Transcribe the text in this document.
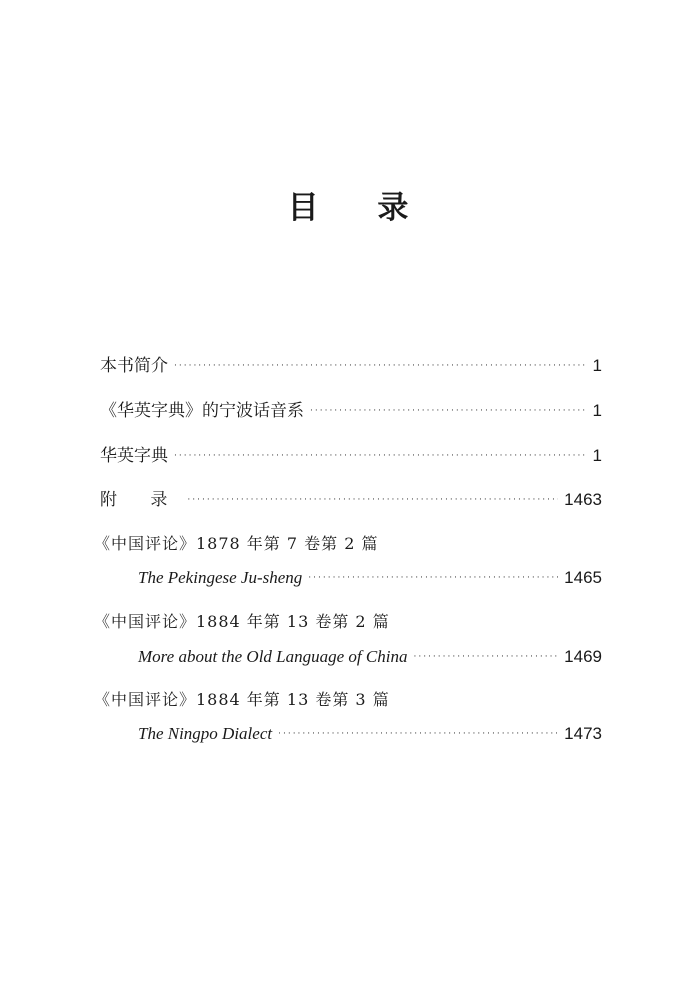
目 录
本书简介 ·····	1
《华英字典》的宁波话音系 ·····	1
华英字典 ·····	1
附 录 ·····	1463
《中国评论》1878 年第 7 卷第 2 篇
The Pekingese Ju-sheng ·····	1465
《中国评论》1884 年第 13 卷第 2 篇
More about the Old Language of China ·····	1469
《中国评论》1884 年第 13 卷第 3 篇
The Ningpo Dialect ·····	1473
